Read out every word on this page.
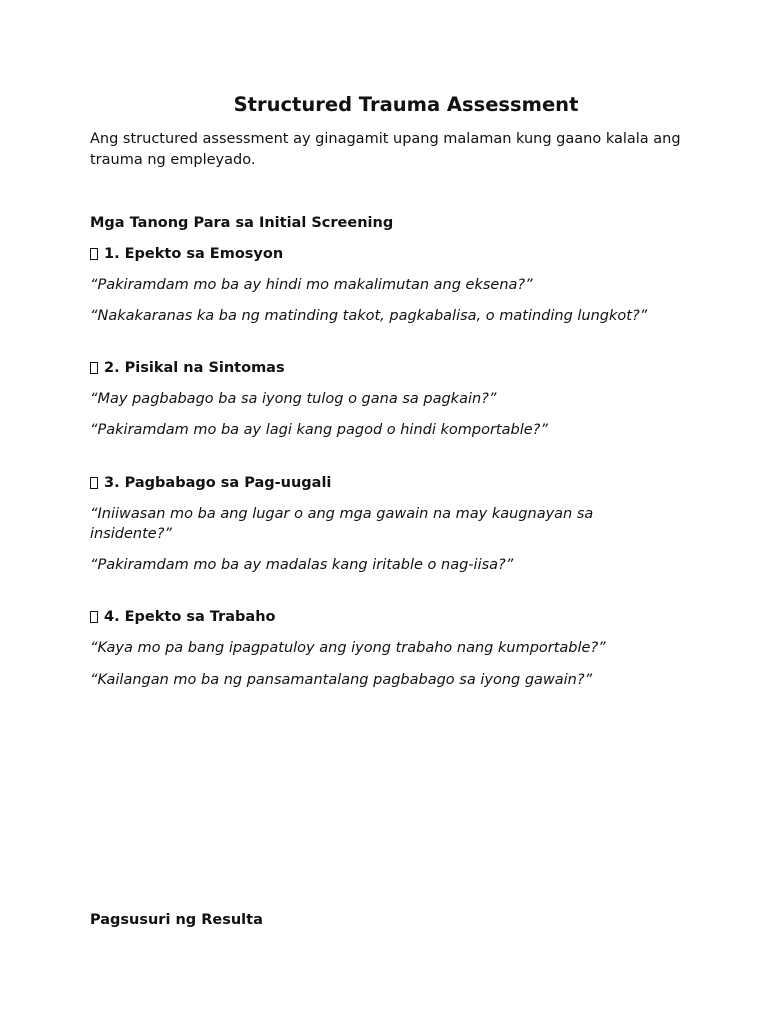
Structured Trauma Assessment

Ang structured assessment ay ginagamit upang malaman kung gaano kalala ang trauma ng empleyado.

Mga Tanong Para sa Initial Screening

1. Epekto sa Emosyon

“Pakiramdam mo ba ay hindi mo makalimutan ang eksena?”

“Nakakaranas ka ba ng matinding takot, pagkabalisa, o matinding lungkot?”

2. Pisikal na Sintomas

“May pagbabago ba sa iyong tulog o gana sa pagkain?”

“Pakiramdam mo ba ay lagi kang pagod o hindi komportable?”

3. Pagbabago sa Pag-uugali

“Iniiwasan mo ba ang lugar o ang mga gawain na may kaugnayan sa insidente?”

“Pakiramdam mo ba ay madalas kang iritable o nag-iisa?”

4. Epekto sa Trabaho

“Kaya mo pa bang ipagpatuloy ang iyong trabaho nang kumportable?”

“Kailangan mo ba ng pansamantalang pagbabago sa iyong gawain?”

Pagsusuri ng Resulta
